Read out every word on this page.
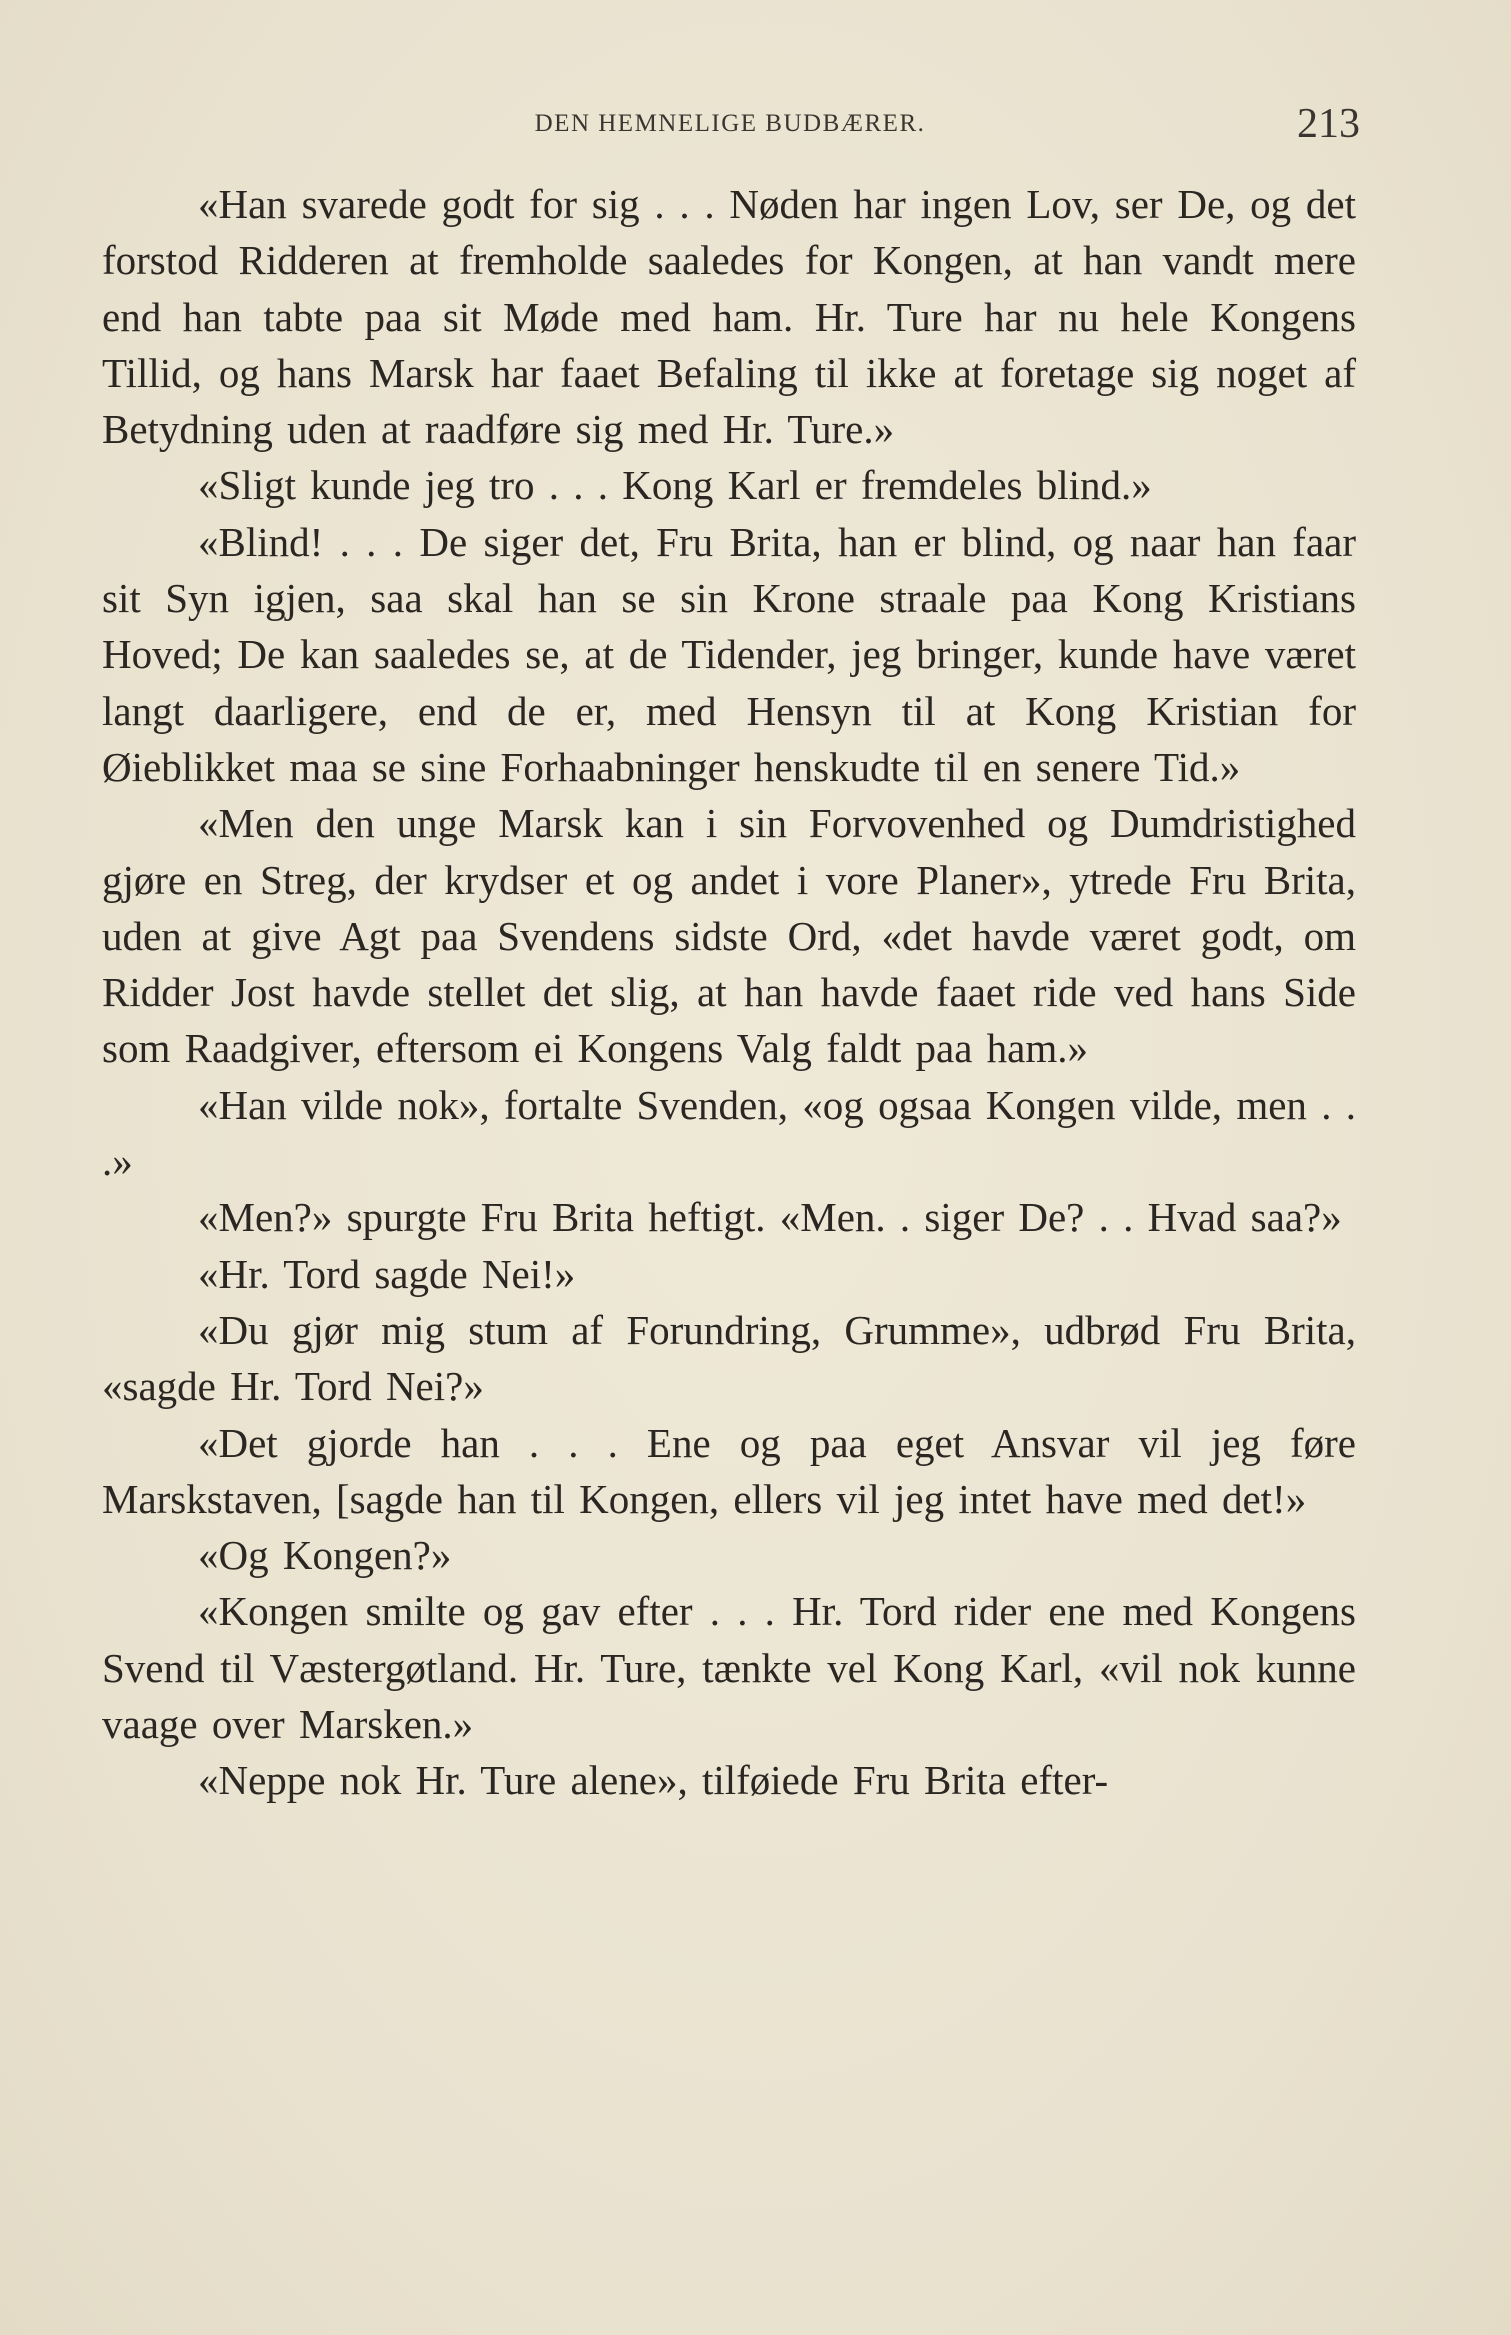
DEN HEMNELIGE BUDBÆRER.	213

«Han svarede godt for sig . . . Nøden har ingen Lov, ser De, og det forstod Ridderen at fremholde saaledes for Kongen, at han vandt mere end han tabte paa sit Møde med ham. Hr. Ture har nu hele Kongens Tillid, og hans Marsk har faaet Befaling til ikke at foretage sig noget af Betydning uden at raadføre sig med Hr. Ture.»

«Sligt kunde jeg tro . . . Kong Karl er fremdeles blind.»

«Blind! . . . De siger det, Fru Brita, han er blind, og naar han faar sit Syn igjen, saa skal han se sin Krone straale paa Kong Kristians Hoved; De kan saaledes se, at de Tidender, jeg bringer, kunde have været langt daarligere, end de er, med Hensyn til at Kong Kristian for Øieblikket maa se sine Forhaabninger henskudte til en senere Tid.»

«Men den unge Marsk kan i sin Forvovenhed og Dumdristighed gjøre en Streg, der krydser et og andet i vore Planer», ytrede Fru Brita, uden at give Agt paa Svendens sidste Ord, «det havde været godt, om Ridder Jost havde stellet det slig, at han havde faaet ride ved hans Side som Raadgiver, eftersom ei Kongens Valg faldt paa ham.»

«Han vilde nok», fortalte Svenden, «og ogsaa Kongen vilde, men . . .»

«Men?» spurgte Fru Brita heftigt. «Men. . siger De? . . Hvad saa?»

«Hr. Tord sagde Nei!»

«Du gjør mig stum af Forundring, Grumme», udbrød Fru Brita, «sagde Hr. Tord Nei?»

«Det gjorde han . . . Ene og paa eget Ansvar vil jeg føre Marskstaven, [sagde han til Kongen, ellers vil jeg intet have med det!»

«Og Kongen?»

«Kongen smilte og gav efter . . . Hr. Tord rider ene med Kongens Svend til Væstergøtland. Hr. Ture, tænkte vel Kong Karl, «vil nok kunne vaage over Marsken.»

«Neppe nok Hr. Ture alene», tilføiede Fru Brita efter-
